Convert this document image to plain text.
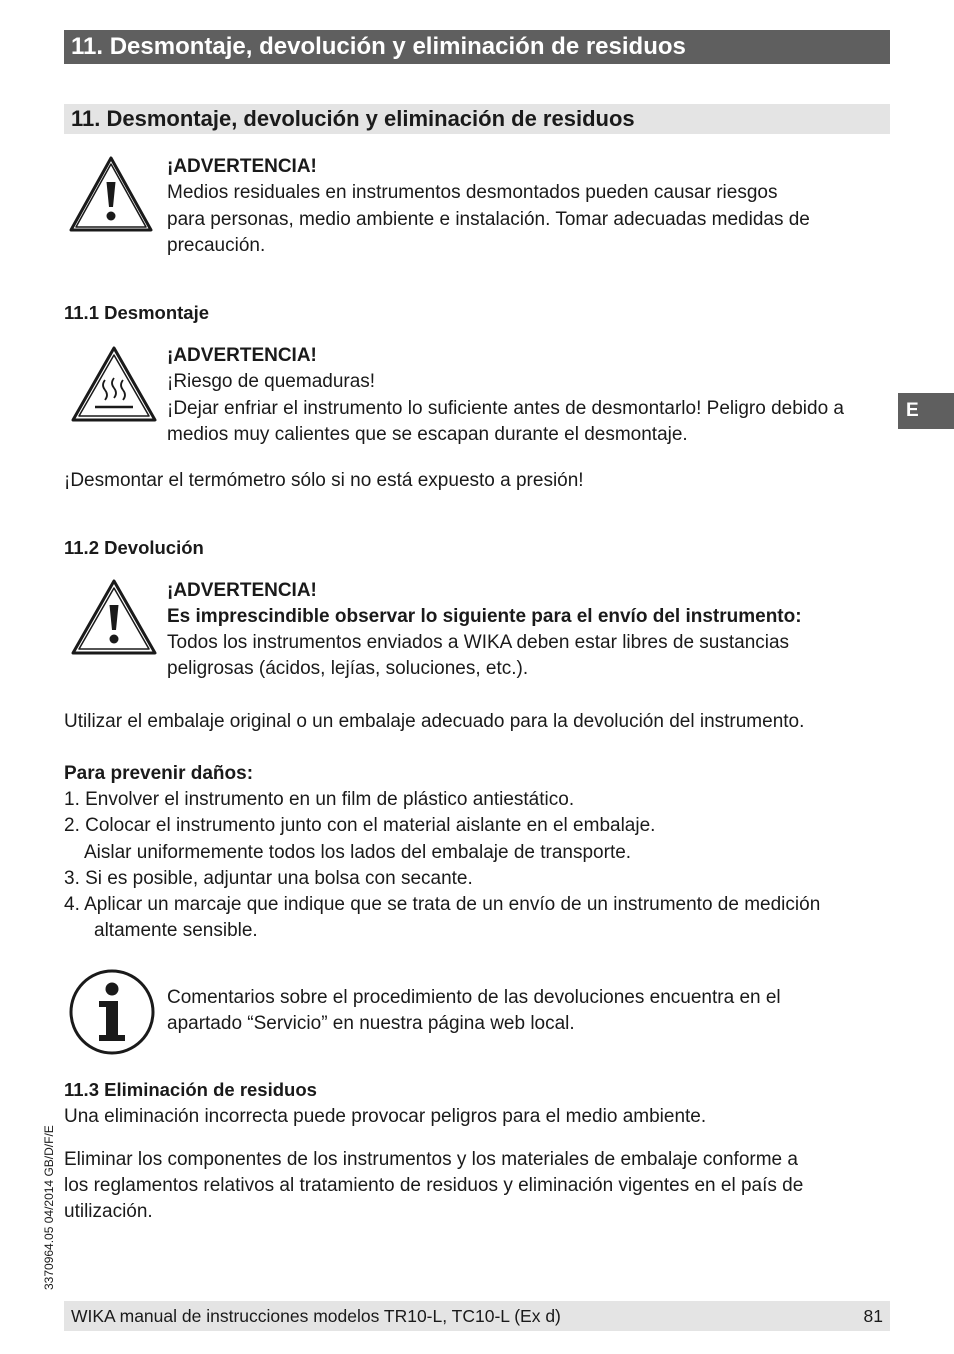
11. Desmontaje, devolución y eliminación de residuos
11. Desmontaje, devolución y eliminación de residuos
¡ADVERTENCIA!
Medios residuales en instrumentos desmontados pueden causar riesgos
para personas, medio ambiente e instalación. Tomar adecuadas medidas de
precaución.
11.1 Desmontaje
¡ADVERTENCIA!
¡Riesgo de quemaduras!
¡Dejar enfriar el instrumento lo suficiente antes de desmontarlo! Peligro debido a
medios muy calientes que se escapan durante el desmontaje.
¡Desmontar el termómetro sólo si no está expuesto a presión!
11.2 Devolución
¡ADVERTENCIA!
Es imprescindible observar lo siguiente para el envío del instrumento:
Todos los instrumentos enviados a WIKA deben estar libres de sustancias
peligrosas (ácidos, lejías, soluciones, etc.).
Utilizar el embalaje original o un embalaje adecuado para la devolución del instrumento.
Para prevenir daños:
1. Envolver el instrumento en un film de plástico antiestático.
2. Colocar el instrumento junto con el material aislante en el embalaje.
Aislar uniformemente todos los lados del embalaje de transporte.
3. Si es posible, adjuntar una bolsa con secante.
4. Aplicar un marcaje que indique que se trata de un envío de un instrumento de medición
altamente sensible.
Comentarios sobre el procedimiento de las devoluciones encuentra en el
apartado “Servicio” en nuestra página web local.
11.3 Eliminación de residuos
Una eliminación incorrecta puede provocar peligros para el medio ambiente.
Eliminar los componentes de los instrumentos y los materiales de embalaje conforme a
los reglamentos relativos al tratamiento de residuos y eliminación vigentes en el país de
utilización.
E
3370964.05 04/2014 GB/D/F/E
WIKA manual de instrucciones modelos TR10-L, TC10-L (Ex d)	81
